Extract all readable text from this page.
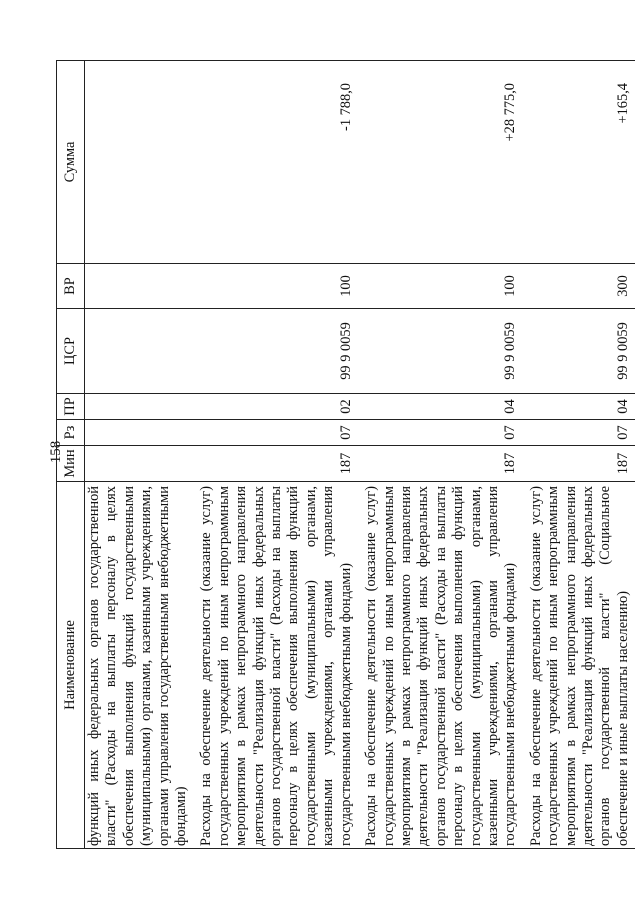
158
Наименование	Мин	Рз	ПР	ЦСР	ВР	Сумма
функций иных федеральных органов государственной власти" (Расходы на выплаты персоналу в целях обеспечения выполнения функций государственными (муниципальными) органами, казенными учреждениями, органами управления государственными внебюджетными фондами)						
Расходы на обеспечение деятельности (оказание услуг) государственных учреждений по иным непрограммным мероприятиям в рамках непрограммного направления деятельности "Реализация функций иных федеральных органов государственной власти" (Расходы на выплаты персоналу в целях обеспечения выполнения функций государственными (муниципальными) органами, казенными учреждениями, органами управления государственными внебюджетными фондами)	187	07	02	99 9 0059	100	-1 788,0
Расходы на обеспечение деятельности (оказание услуг) государственных учреждений по иным непрограммным мероприятиям в рамках непрограммного направления деятельности "Реализация функций иных федеральных органов государственной власти" (Расходы на выплаты персоналу в целях обеспечения выполнения функций государственными (муниципальными) органами, казенными учреждениями, органами управления государственными внебюджетными фондами)	187	07	04	99 9 0059	100	+28 775,0
Расходы на обеспечение деятельности (оказание услуг) государственных учреждений по иным непрограммным мероприятиям в рамках непрограммного направления деятельности "Реализация функций иных федеральных органов государственной власти" (Социальное обеспечение и иные выплаты населению)	187	07	04	99 9 0059	300	+165,4
